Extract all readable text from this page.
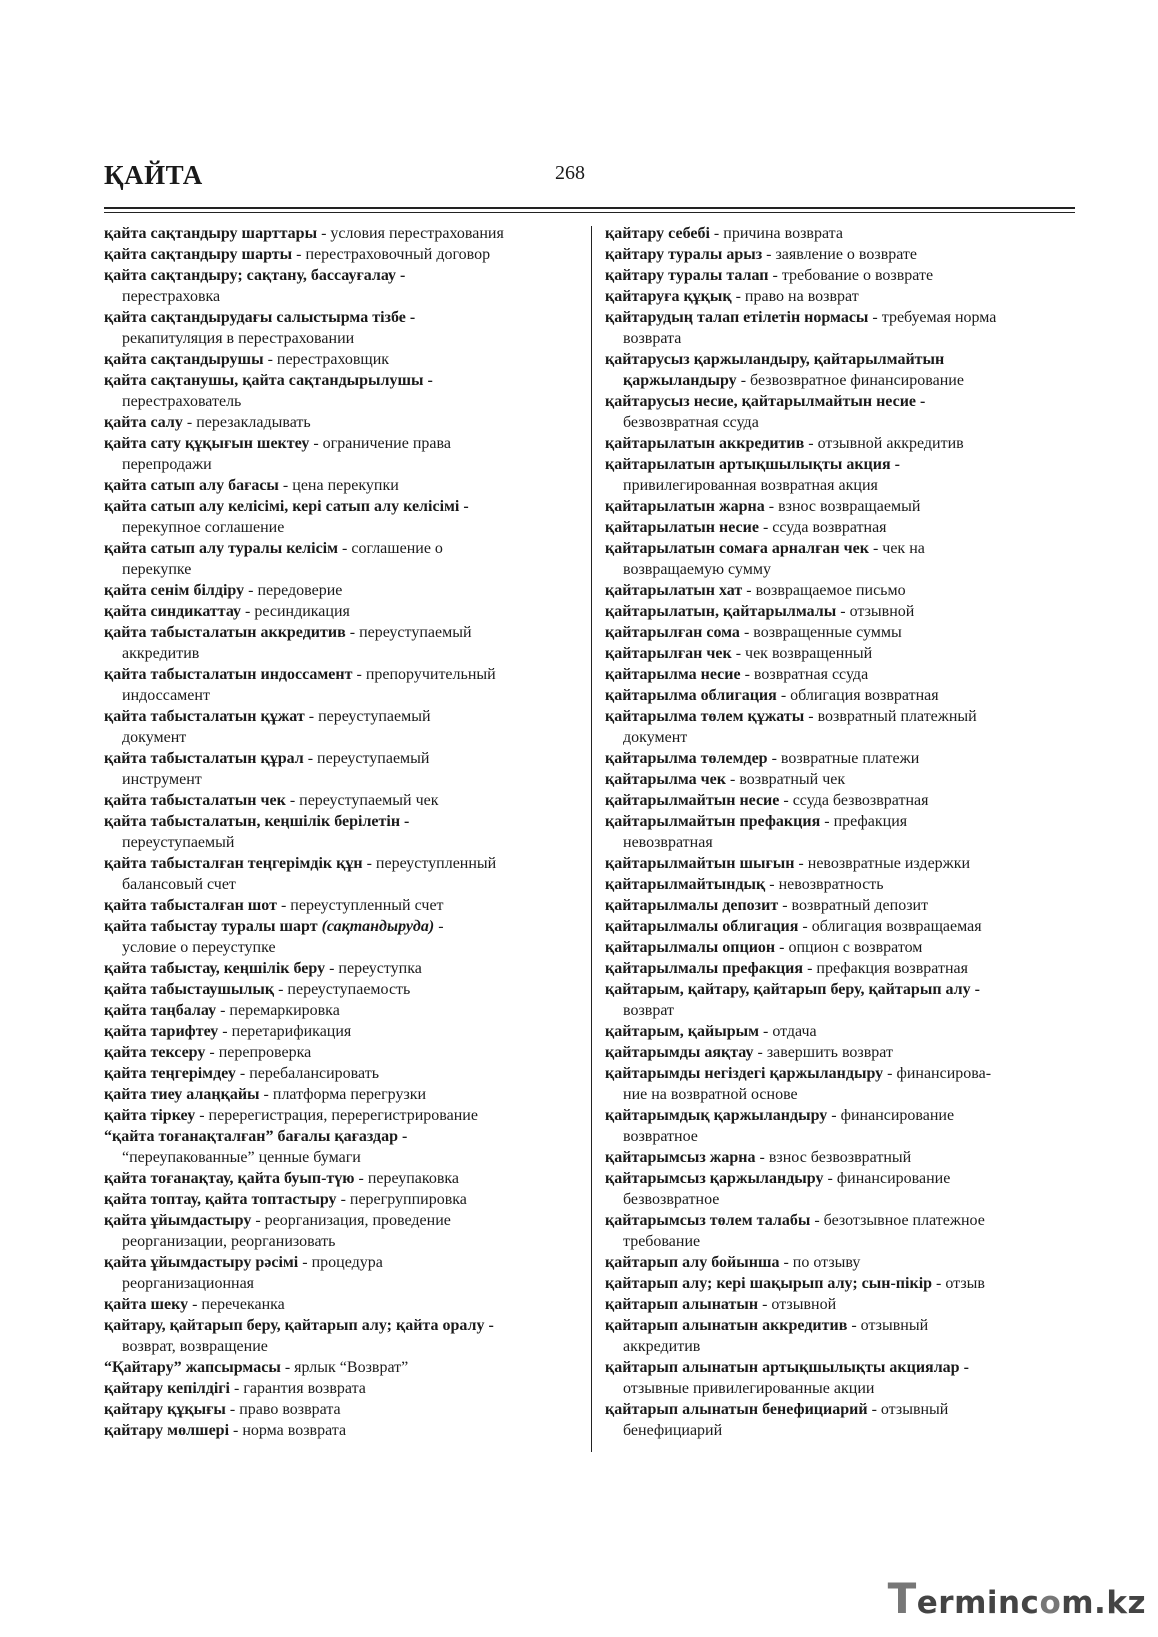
ҚАЙТА	268

қайта сақтандыру шарттары - условия перестрахования

қайта сақтандыру шарты - перестраховочный договор

қайта сақтандыру; сақтану, бассауғалау -
перестраховка

қайта сақтандырудағы салыстырма тізбе -
рекапитуляция в перестраховании

қайта сақтандырушы - перестраховщик

қайта сақтанушы, қайта сақтандырылушы -
перестрахователь

қайта салу - перезакладывать

қайта сату құқығын шектеу - ограничение права
перепродажи

қайта сатып алу бағасы - цена перекупки

қайта сатып алу келісімі, кері сатып алу келісімі -
перекупное соглашение

қайта сатып алу туралы келісім - соглашение о
перекупке

қайта сенім білдіру - передоверие

қайта синдикаттау - ресиндикация

қайта табысталатын аккредитив - переуступаемый
аккредитив

қайта табысталатын индоссамент - препоручительный
индоссамент

қайта табысталатын құжат - переуступаемый
документ

қайта табысталатын құрал - переуступаемый
инструмент

қайта табысталатын чек - переуступаемый чек

қайта табысталатын, кеңшілік берілетін -
переуступаемый

қайта табысталған теңгерімдік құн - переуступленный
балансовый счет

қайта табысталған шот - переуступленный счет

қайта табыстау туралы шарт (сақтандыруда) -
условие о переуступке

қайта табыстау, кеңшілік беру - переуступка

қайта табыстаушылық - переуступаемость

қайта таңбалау - перемаркировка

қайта тарифтеу - перетарификация

қайта тексеру - перепроверка

қайта теңгерімдеу - перебалансировать

қайта тиеу алаңқайы - платформа перегрузки

қайта тіркеу - перерегистрация, перерегистрирование

“қайта тоғанақталған” бағалы қағаздар -
“переупакованные” ценные бумаги

қайта тоғанақтау, қайта буып-түю - переупаковка

қайта топтау, қайта топтастыру - перегруппировка

қайта ұйымдастыру - реорганизация, проведение
реорганизации, реорганизовать

қайта ұйымдастыру рәсімі - процедура
реорганизационная

қайта шеку - перечеканка

қайтару, қайтарып беру, қайтарып алу; қайта оралу -
возврат, возвращение

“Қайтару” жапсырмасы - ярлык “Возврат”

қайтару кепілдігі - гарантия возврата

қайтару құқығы - право возврата

қайтару мөлшері - норма возврата

қайтару себебі - причина возврата

қайтару туралы арыз - заявление о возврате

қайтару туралы талап - требование о возврате

қайтаруға құқық - право на возврат

қайтарудың талап етілетін нормасы - требуемая норма
возврата

қайтарусыз қаржыландыру, қайтарылмайтын
қаржыландыру - безвозвратное финансирование

қайтарусыз несие, қайтарылмайтын несие -
безвозвратная ссуда

қайтарылатын аккредитив - отзывной аккредитив

қайтарылатын артықшылықты акция -
привилегированная возвратная акция

қайтарылатын жарна - взнос возвращаемый

қайтарылатын несие - ссуда возвратная

қайтарылатын сомаға арналған чек - чек на
возвращаемую сумму

қайтарылатын хат - возвращаемое письмо

қайтарылатын, қайтарылмалы - отзывной

қайтарылған сома - возвращенные суммы

қайтарылған чек - чек возвращенный

қайтарылма несие - возвратная ссуда

қайтарылма облигация - облигация возвратная

қайтарылма төлем құжаты - возвратный платежный
документ

қайтарылма төлемдер - возвратные платежи

қайтарылма чек - возвратный чек

қайтарылмайтын несие - ссуда безвозвратная

қайтарылмайтын префакция - префакция
невозвратная

қайтарылмайтын шығын - невозвратные издержки

қайтарылмайтындық - невозвратность

қайтарылмалы депозит - возвратный депозит

қайтарылмалы облигация - облигация возвращаемая

қайтарылмалы опцион - опцион с возвратом

қайтарылмалы префакция - префакция возвратная

қайтарым, қайтару, қайтарып беру, қайтарып алу -
возврат

қайтарым, қайырым - отдача

қайтарымды аяқтау - завершить возврат

қайтарымды негіздегі қаржыландыру - финансирова-
ние на возвратной основе

қайтарымдық қаржыландыру - финансирование
возвратное

қайтарымсыз жарна - взнос безвозвратный

қайтарымсыз қаржыландыру - финансирование
безвозвратное

қайтарымсыз төлем талабы - безотзывное платежное
требование

қайтарып алу бойынша - по отзыву

қайтарып алу; кері шақырып алу; сын-пікір - отзыв

қайтарып алынатын - отзывной

қайтарып алынатын аккредитив - отзывный
аккредитив

қайтарып алынатын артықшылықты акциялар -
отзывные привилегированные акции

қайтарып алынатын бенефициарий - отзывный
бенефициарий

Termincom.kz
